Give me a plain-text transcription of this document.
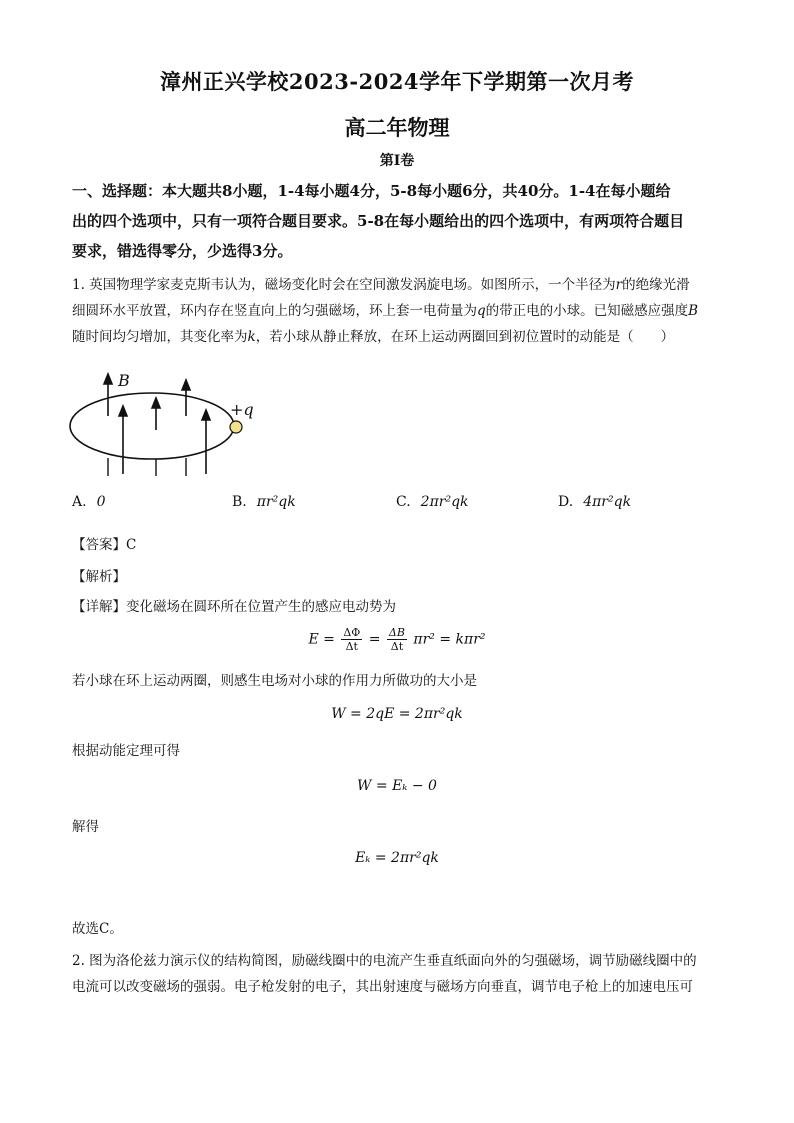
漳州正兴学校2023-2024学年下学期第一次月考
高二年物理
第I卷
一、选择题：本大题共8小题，1-4每小题4分，5-8每小题6分，共40分。1-4在每小题给
出的四个选项中，只有一项符合题目要求。5-8在每小题给出的四个选项中，有两项符合题目
要求，错选得零分，少选得3分。
1. 英国物理学家麦克斯韦认为，磁场变化时会在空间激发涡旋电场。如图所示，一个半径为r的绝缘光滑
细圆环水平放置，环内存在竖直向上的匀强磁场，环上套一电荷量为q的带正电的小球。已知磁感应强度B
随时间均匀增加，其变化率为k，若小球从静止释放，在环上运动两圈回到初位置时的动能是（　　）
B
+q
A. 0	B. πr²qk	C. 2πr²qk	D. 4πr²qk
【答案】C
【解析】
【详解】变化磁场在圆环所在位置产生的感应电动势为
$E = \frac{\Delta\Phi}{\Delta t} = \frac{\Delta B}{\Delta t} \pi r^2 = k\pi r^2$
若小球在环上运动两圈，则感生电场对小球的作用力所做功的大小是
W = 2qE = 2πr²qk
根据动能定理可得
W = Eₖ − 0
解得
Eₖ = 2πr²qk
故选C。
2. 图为洛伦兹力演示仪的结构简图，励磁线圈中的电流产生垂直纸面向外的匀强磁场，调节励磁线圈中的
电流可以改变磁场的强弱。电子枪发射的电子，其出射速度与磁场方向垂直，调节电子枪上的加速电压可
